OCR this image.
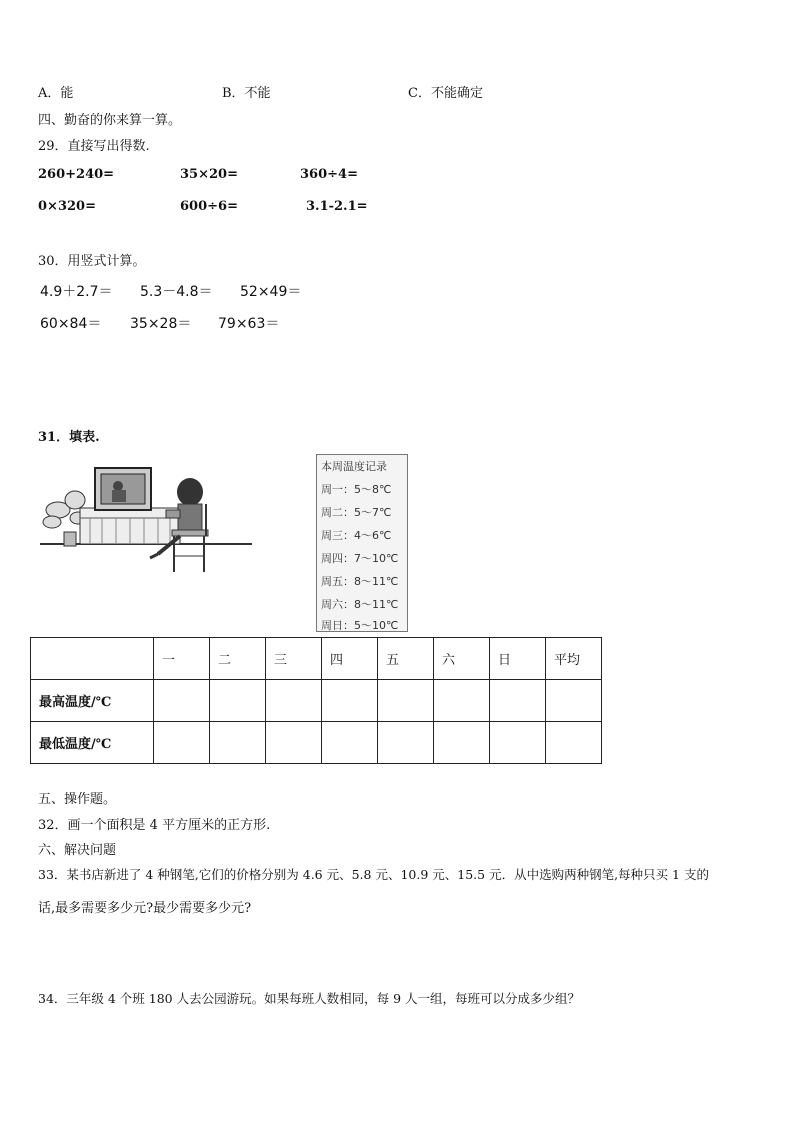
A．能	B．不能	C．不能确定
四、勤奋的你来算一算。
29．直接写出得数.
260+240=	35×20=	360÷4=
0×320=	600÷6=	3.1-2.1=
30．用竖式计算。
4.9＋2.7＝ 5.3－4.8＝ 52×49＝
60×84＝ 35×28＝ 79×63＝
31．填表.
本周温度记录
周一：5～8℃
周二：5～7℃
周三：4～6℃
周四：7～10℃
周五：8～11℃
周六：8～11℃
周日：5～10℃
	一	二	三	四	五	六	日	平均
最高温度/℃								
最低温度/℃								
五、操作题。
32．画一个面积是 4 平方厘米的正方形.
六、解决问题
33．某书店新进了 4 种钢笔,它们的价格分别为 4.6 元、5.8 元、10.9 元、15.5 元．从中选购两种钢笔,每种只买 1 支的
话,最多需要多少元?最少需要多少元?
34．三年级 4 个班 180 人去公园游玩。如果每班人数相同，每 9 人一组，每班可以分成多少组？
